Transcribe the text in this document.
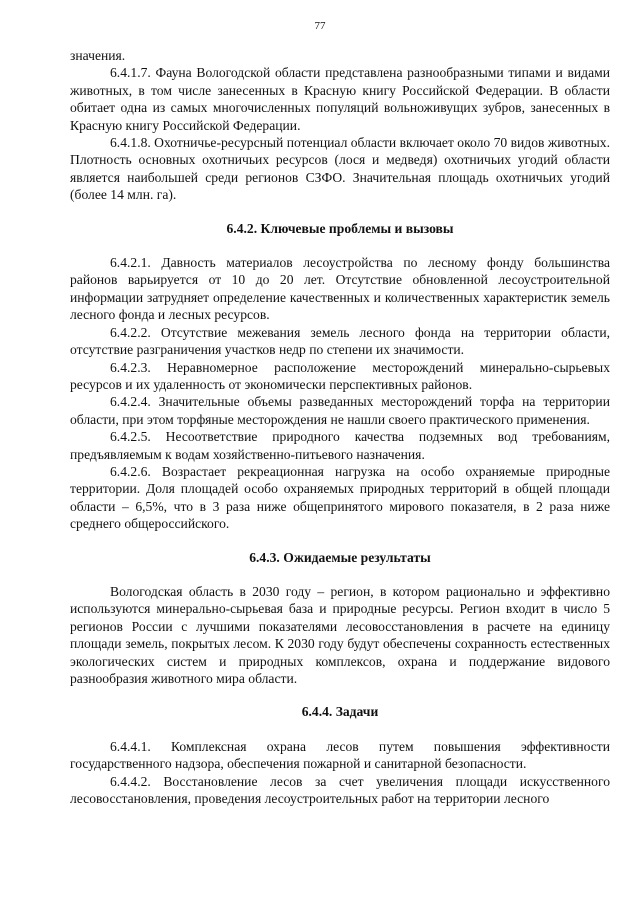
77

значения.

6.4.1.7. Фауна Вологодской области представлена разнообразными типами и видами животных, в том числе занесенных в Красную книгу Российской Федерации. В области обитает одна из самых многочисленных популяций вольноживущих зубров, занесенных в Красную книгу Российской Федерации.

6.4.1.8. Охотничье-ресурсный потенциал области включает около 70 видов животных. Плотность основных охотничьих ресурсов (лося и медведя) охотничьих угодий области является наибольшей среди регионов СЗФО. Значительная площадь охотничьих угодий (более 14 млн. га).

6.4.2. Ключевые проблемы и вызовы

6.4.2.1. Давность материалов лесоустройства по лесному фонду большинства районов варьируется от 10 до 20 лет. Отсутствие обновленной лесоустроительной информации затрудняет определение качественных и количественных характеристик земель лесного фонда и лесных ресурсов.

6.4.2.2. Отсутствие межевания земель лесного фонда на территории области, отсутствие разграничения участков недр по степени их значимости.

6.4.2.3. Неравномерное расположение месторождений минерально-сырьевых ресурсов и их удаленность от экономически перспективных районов.

6.4.2.4. Значительные объемы разведанных месторождений торфа на территории области, при этом торфяные месторождения не нашли своего практического применения.

6.4.2.5. Несоответствие природного качества подземных вод требованиям, предъявляемым к водам хозяйственно-питьевого назначения.

6.4.2.6. Возрастает рекреационная нагрузка на особо охраняемые природные территории. Доля площадей особо охраняемых природных территорий в общей площади области – 6,5%, что в 3 раза ниже общепринятого мирового показателя, в 2 раза ниже среднего общероссийского.

6.4.3. Ожидаемые результаты

Вологодская область в 2030 году – регион, в котором рационально и эффективно используются минерально-сырьевая база и природные ресурсы. Регион входит в число 5 регионов России с лучшими показателями лесовосстановления в расчете на единицу площади земель, покрытых лесом. К 2030 году будут обеспечены сохранность естественных экологических систем и природных комплексов, охрана и поддержание видового разнообразия животного мира области.

6.4.4. Задачи

6.4.4.1. Комплексная охрана лесов путем повышения эффективности государственного надзора, обеспечения пожарной и санитарной безопасности.

6.4.4.2. Восстановление лесов за счет увеличения площади искусственного лесовосстановления, проведения лесоустроительных работ на территории лесного
